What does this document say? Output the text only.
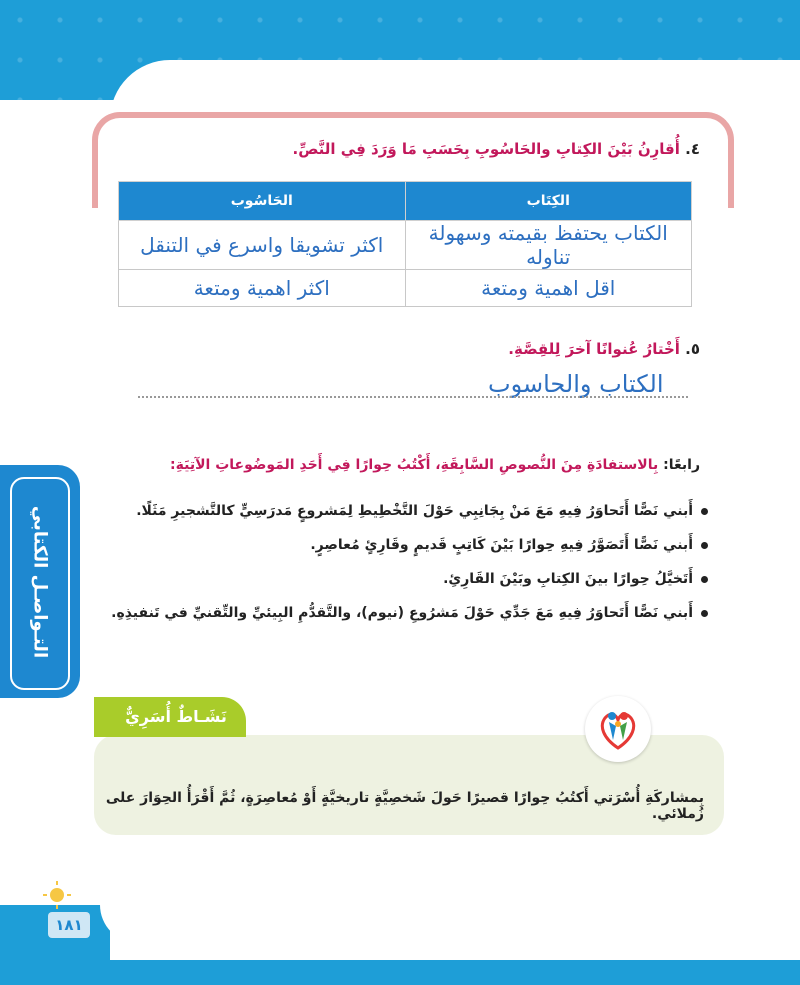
٤. أُقارِنُ بَيْنَ الكِتابِ والحَاسُوبِ بِحَسَبِ مَا وَرَدَ فِي النَّصِّ.
الكِتَاب	الحَاسُوب
الكتاب يحتفظ بقيمته وسهولة تناوله	اكثر تشويقا واسرع في التنقل
اقل اهمية ومتعة	اكثر اهمية ومتعة
٥. أَخْتارُ عُنوانًا آخرَ لِلقِصَّةِ.
الكتاب والحاسوب
التـواصـل الكتابي
رابعًا: بِالاستفادَةِ مِنَ النُّصوصِ السَّابِقَةِ، أَكْتُبُ حِوارًا فِي أَحَدِ المَوضُوعاتِ الآتِيَةِ:
أَبني نَصًّا أَتَحاوَرُ فِيهِ مَعَ مَنْ بِجَانِبِي حَوْلَ التَّخْطِيطِ لِمَشروعٍ مَدرَسِيٍّ كالتَّشجيرِ مَثَلًا.
أَبني نَصًّا أَتَصَوَّرُ فِيهِ حِوارًا بَيْنَ كَاتِبٍ قَديمٍ وقَارِئٍ مُعاصِرٍ.
أَتَخيَّلُ حِوارًا بينَ الكِتابِ وبَيْنَ القَارِئِ.
أَبني نَصًّا أَتَحاوَرُ فِيهِ مَعَ جَدِّي حَوْلَ مَشرُوعِ (نيوم)، والتَّقدُّمِ البِيئيِّ والتِّقنيِّ في تَنفيذِهِ.
نَشَـاطٌ أُسَرِيٌّ
بِمشاركَةِ أُسْرَتي أَكتُبُ حِوارًا قصيرًا حَولَ شَخصِيَّةٍ تاريخيَّةٍ أَوْ مُعاصِرَةٍ، ثُمَّ أَقْرَأُ الحِوَارَ على زُملائي.
١٨١
